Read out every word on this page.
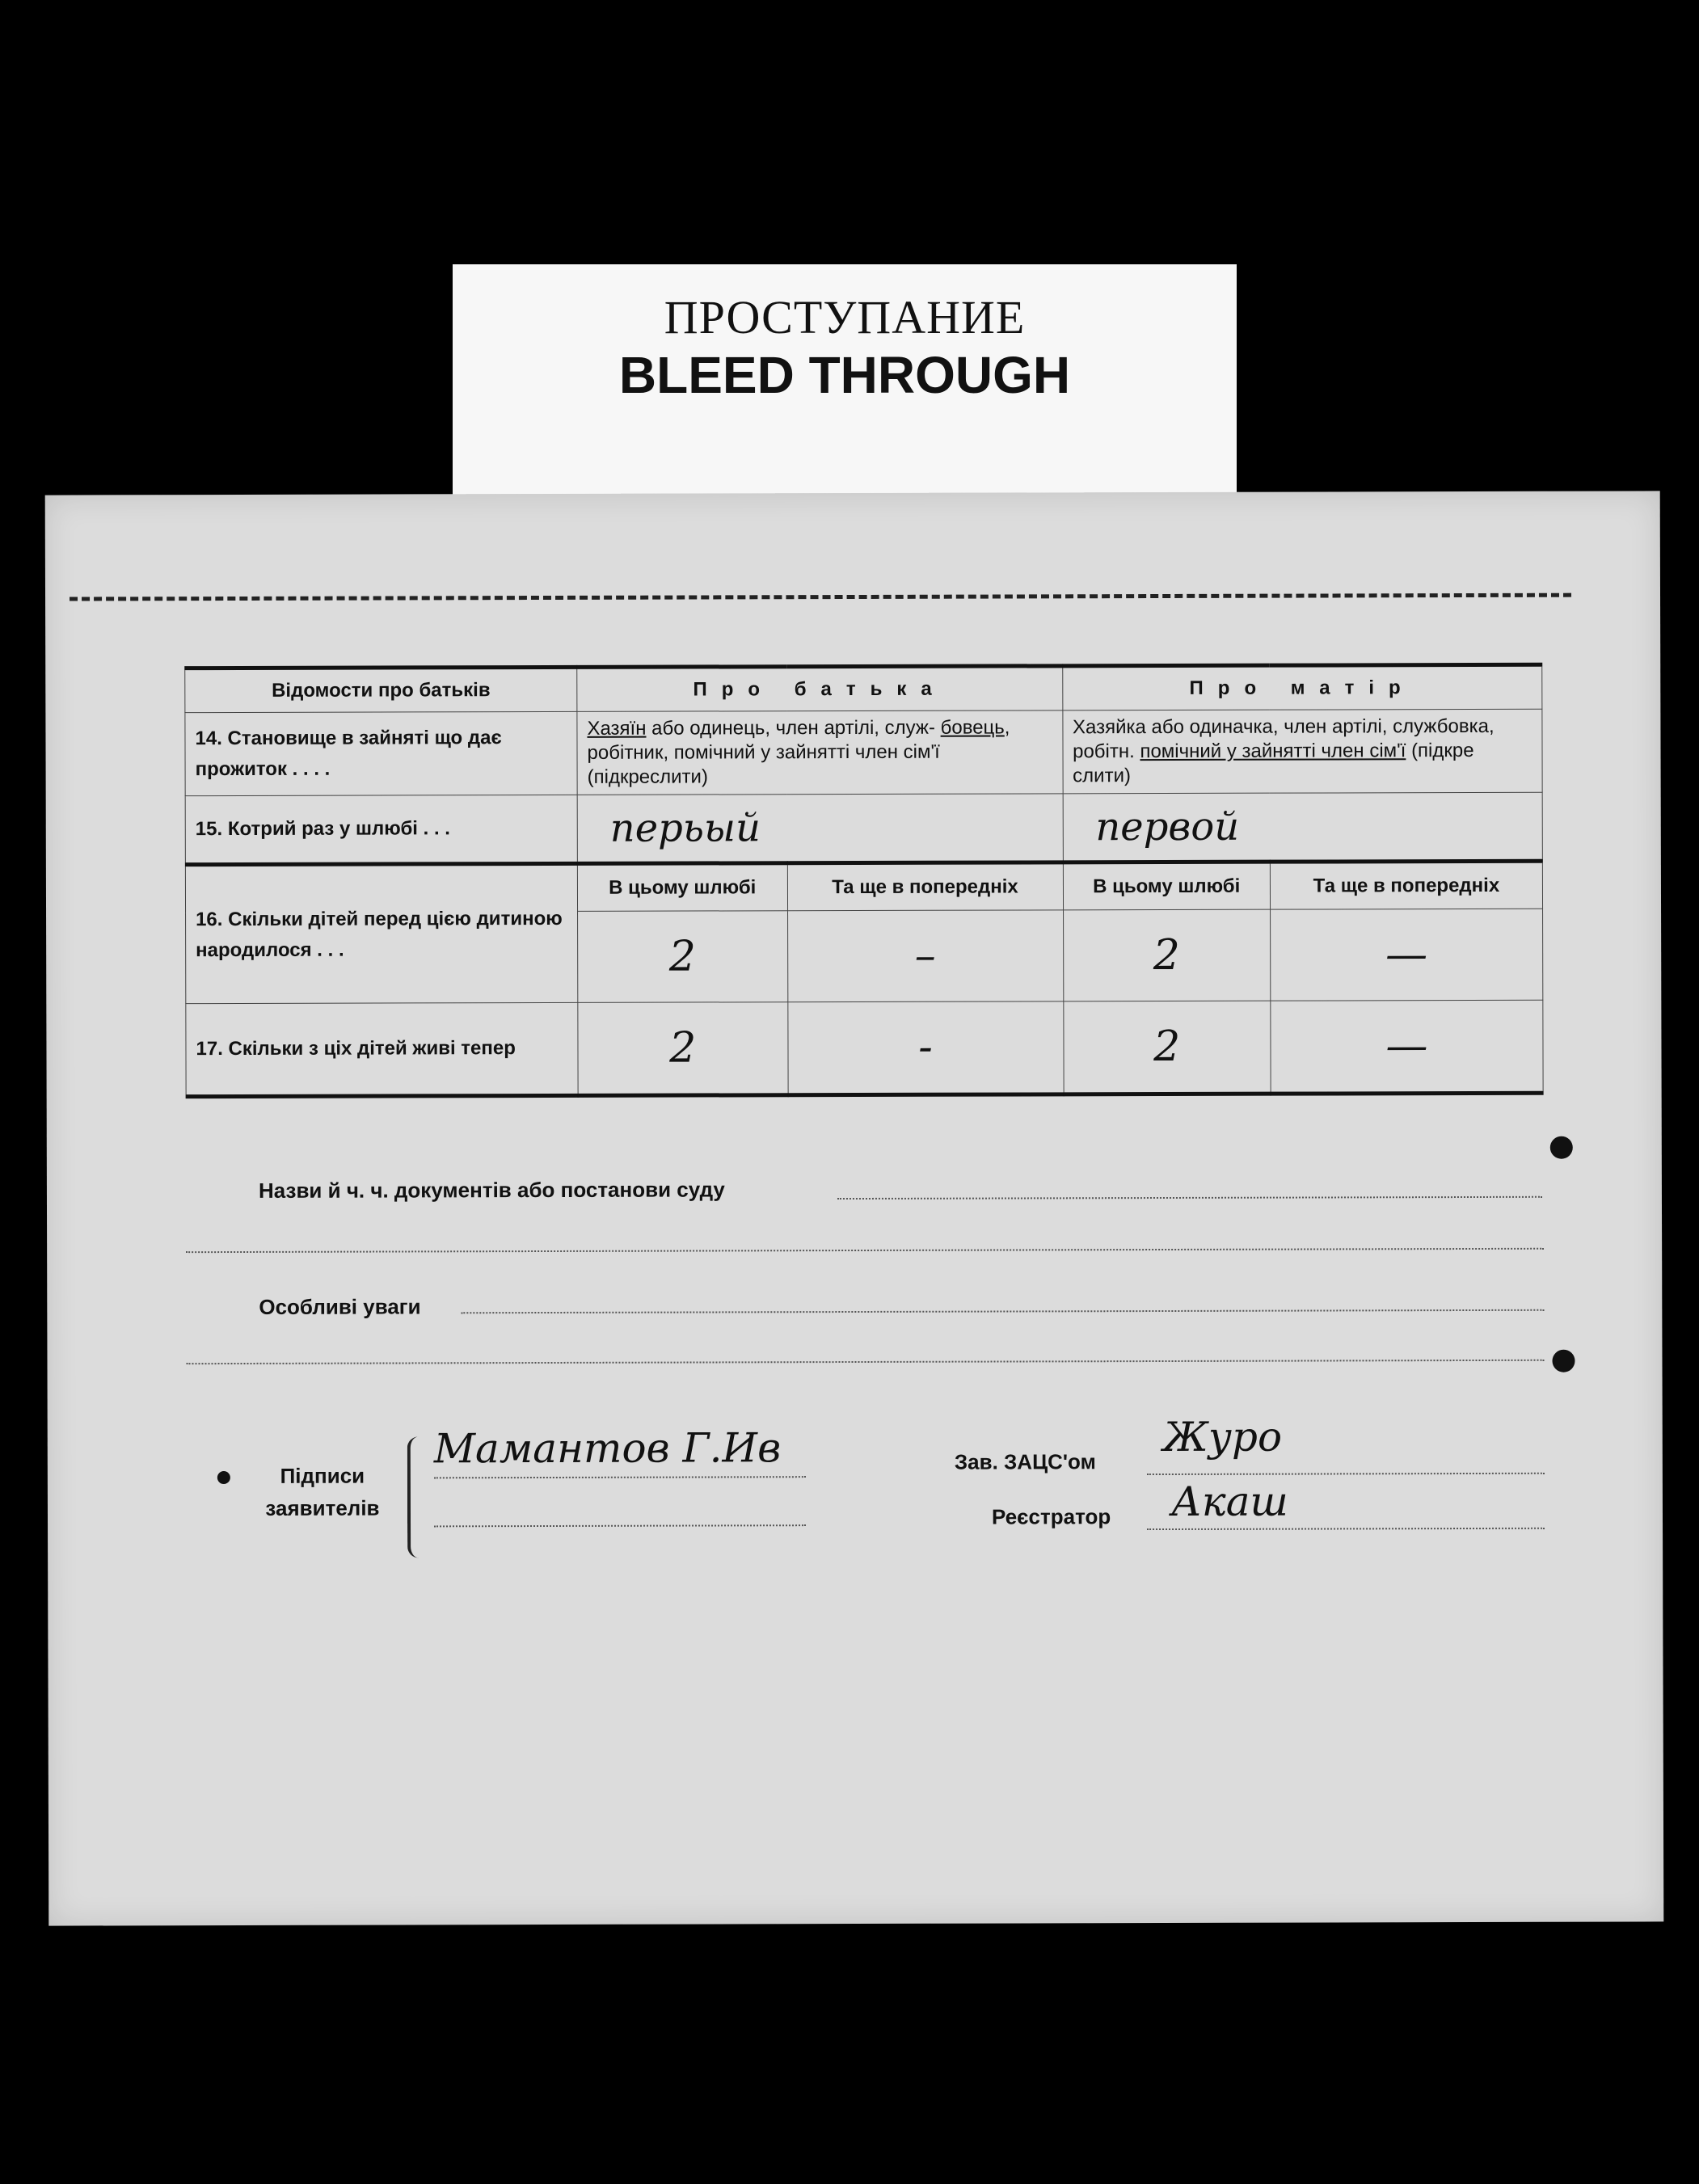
ПРОСТУПАНИЕ
BLEED THROUGH
Відомости про батьків	Про батька		Про матір	
14. Становище в зайняті що дає прожиток . . . .	Хазяїн або одинець, член артілі, служ- бовець, робітник, помічний у зайнятті член сім'ї (підкреслити)		Хазяйка або одиначка, член артілі, службовка, робітн. помічний у зайнятті член сім'ї (підкре слити)	
15. Котрий раз у шлюбі . . .	перьый		первой	
16. Скільки дітей перед цією дитиною народилося . . .	В цьому шлюбі	Та ще в попередніх	В цьому шлюбі	Та ще в попередніх
	2	–	2	—
17. Скільки з ціх дітей живі тепер	2	-	2	—
Назви й ч. ч. документів або постанови суду
Особливі уваги
Підписи
заявителів
Мамантов Г.Ив	Зав. ЗАЦС'ом
Журо
Реєстратор Акаш
